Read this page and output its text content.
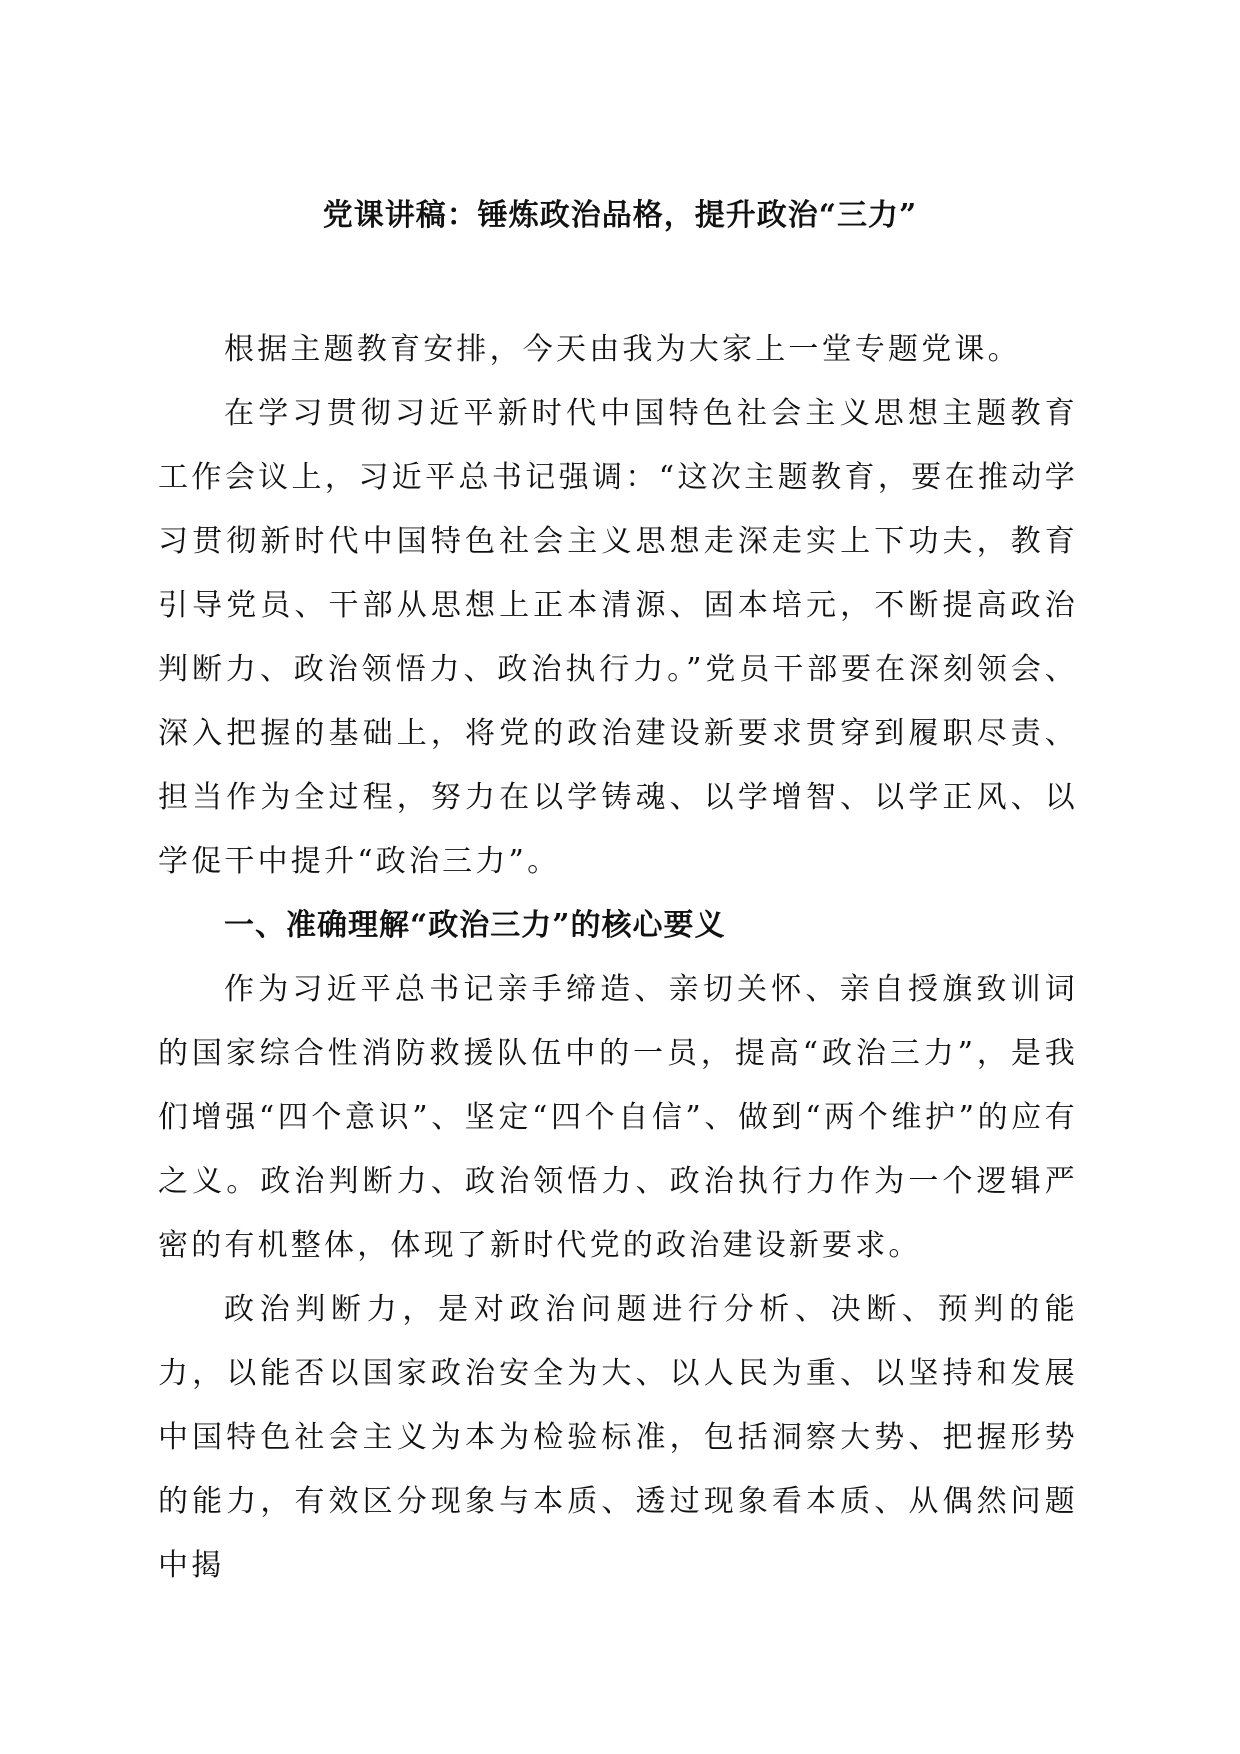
党课讲稿：锤炼政治品格，提升政治“三力”

根据主题教育安排，今天由我为大家上一堂专题党课。

在学习贯彻习近平新时代中国特色社会主义思想主题教育工作会议上，习近平总书记强调：“这次主题教育，要在推动学习贯彻新时代中国特色社会主义思想走深走实上下功夫，教育引导党员、干部从思想上正本清源、固本培元，不断提高政治判断力、政治领悟力、政治执行力。”党员干部要在深刻领会、深入把握的基础上，将党的政治建设新要求贯穿到履职尽责、担当作为全过程，努力在以学铸魂、以学增智、以学正风、以学促干中提升“政治三力”。

一、准确理解“政治三力”的核心要义

作为习近平总书记亲手缔造、亲切关怀、亲自授旗致训词的国家综合性消防救援队伍中的一员，提高“政治三力”，是我们增强“四个意识”、坚定“四个自信”、做到“两个维护”的应有之义。政治判断力、政治领悟力、政治执行力作为一个逻辑严密的有机整体，体现了新时代党的政治建设新要求。

政治判断力，是对政治问题进行分析、决断、预判的能力，以能否以国家政治安全为大、以人民为重、以坚持和发展中国特色社会主义为本为检验标准，包括洞察大势、把握形势的能力，有效区分现象与本质、透过现象看本质、从偶然问题中揭
